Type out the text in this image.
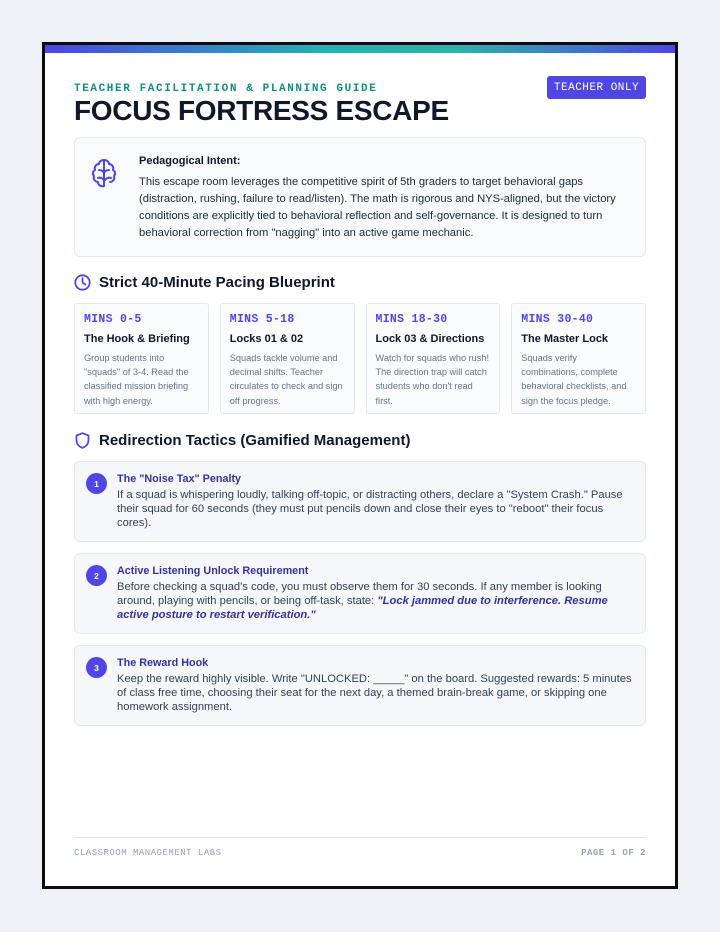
TEACHER FACILITATION & PLANNING GUIDE	TEACHER ONLY
FOCUS FORTRESS ESCAPE
Pedagogical Intent:
This escape room leverages the competitive spirit of 5th graders to target behavioral gaps (distraction, rushing, failure to read/listen). The math is rigorous and NYS-aligned, but the victory conditions are explicitly tied to behavioral reflection and self-governance. It is designed to turn behavioral correction from "nagging" into an active game mechanic.
Strict 40-Minute Pacing Blueprint
MINS 0-5
The Hook & Briefing
Group students into "squads" of 3-4. Read the classified mission briefing with high energy.
MINS 5-18
Locks 01 & 02
Squads tackle volume and decimal shifts. Teacher circulates to check and sign off progress.
MINS 18-30
Lock 03 & Directions
Watch for squads who rush! The direction trap will catch students who don't read first.
MINS 30-40
The Master Lock
Squads verify combinations, complete behavioral checklists, and sign the focus pledge.
Redirection Tactics (Gamified Management)
1	The "Noise Tax" Penalty
If a squad is whispering loudly, talking off-topic, or distracting others, declare a "System Crash." Pause their squad for 60 seconds (they must put pencils down and close their eyes to "reboot" their focus cores).
2	Active Listening Unlock Requirement
Before checking a squad's code, you must observe them for 30 seconds. If any member is looking around, playing with pencils, or being off-task, state: "Lock jammed due to interference. Resume active posture to restart verification."
3	The Reward Hook
Keep the reward highly visible. Write "UNLOCKED: _____" on the board. Suggested rewards: 5 minutes of class free time, choosing their seat for the next day, a themed brain-break game, or skipping one homework assignment.
CLASSROOM MANAGEMENT LABS	PAGE 1 OF 2
